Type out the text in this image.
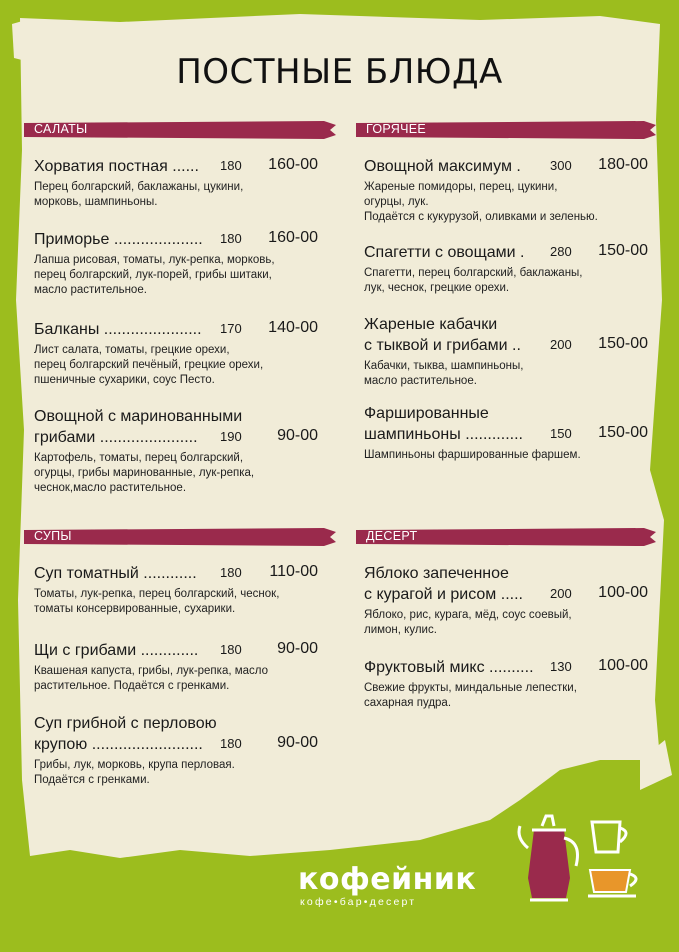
ПОСТНЫЕ БЛЮДА
САЛАТЫ	ГОРЯЧЕЕ
СУПЫ	ДЕСЕРТ
Хорватия постная ...... 180 160-00
Перец болгарский, баклажаны, цукини,
морковь, шампиньоны.
Приморье .................... 180 160-00
Лапша рисовая, томаты, лук-репка, морковь,
перец болгарский, лук-порей, грибы шитаки,
масло растительное.
Балканы ...................... 170 140-00
Лист салата, томаты, грецкие орехи,
перец болгарский печёный, грецкие орехи,
пшеничные сухарики, соус Песто.
Овощной с маринованными
грибами ...................... 190 90-00
Картофель, томаты, перец болгарский,
огурцы, грибы маринованные, лук-репка,
чеснок,масло растительное.
Овощной максимум . 300 180-00
Жареные помидоры, перец, цукини,
огурцы, лук.
Подаётся с кукурузой, оливками и зеленью.
Спагетти с овощами . 280 150-00
Спагетти, перец болгарский, баклажаны,
лук, чеснок, грецкие орехи.
Жареные кабачки
с тыквой и грибами .. 200 150-00
Кабачки, тыква, шампиньоны,
масло растительное.
Фаршированные
шампиньоны ............. 150 150-00
Шампиньоны фаршированные фаршем.
Суп томатный ............ 180 110-00
Томаты, лук-репка, перец болгарский, чеснок,
томаты консервированные, сухарики.
Щи с грибами ............. 180 90-00
Квашеная капуста, грибы, лук-репка, масло
растительное. Подаётся с гренками.
Суп грибной с перловою
крупою ......................... 180 90-00
Грибы, лук, морковь, крупа перловая.
Подаётся с гренками.
Яблоко запеченное
с курагой и рисом ..... 200 100-00
Яблоко, рис, курага, мёд, соус соевый,
лимон, кулис.
Фруктовый микс .......... 130 100-00
Свежие фрукты, миндальные лепестки,
сахарная пудра.
кофейник
кофе•бар•десерт
